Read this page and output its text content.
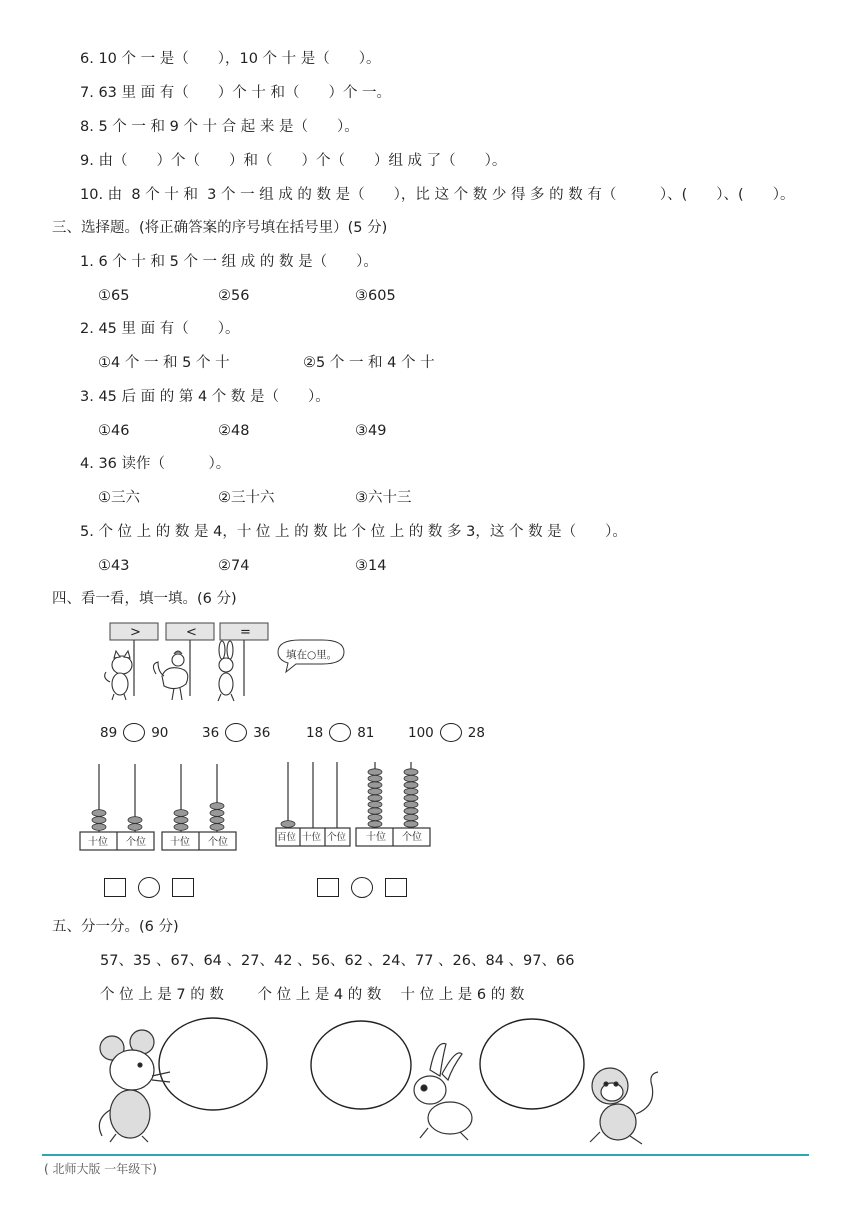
6. 10 个 一 是（　　），10 个 十 是（　　）。
7. 63 里 面 有（　　）个 十 和（　　）个 一。
8. 5 个 一 和 9 个 十 合 起 来 是（　　）。
9. 由（　　）个（　　）和（　　）个（　　）组 成 了（　　）。
10. 由  8 个 十 和  3 个 一 组 成 的 数 是（　　），比 这 个 数 少 得 多 的 数 有（　　　）、(　　）、(　　）。
三、选择题。(将正确答案的序号填在括号里）(5 分)
1. 6 个 十 和 5 个 一 组 成 的 数 是（　　）。
①65	②56	③605
2. 45 里 面 有（　　）。
①4 个 一 和 5 个 十	②5 个 一 和 4 个 十
3. 45 后 面 的 第 4 个 数 是（　　）。
①46	②48	③49
4. 36 读作（　　　）。
①三六	②三十六	③六十三
5. 个 位 上 的 数 是 4，十 位 上 的 数 比 个 位 上 的 数 多 3，这 个 数 是（　　）。
①43	②74	③14
四、看一看，填一填。(6 分)
>	<	=
填在○里。
89	90 36	36	18	81 100	28
十位 个位 十位 个位	百位 十位 个位 十位 个位
五、分一分。(6 分)
57、35 、67、64 、27、42 、56、62 、24、77 、26、84 、97、66
个 位 上 是 7 的 数　　 个 位 上 是 4 的 数　 十 位 上 是 6 的 数
( 北师大版 一年级下)
